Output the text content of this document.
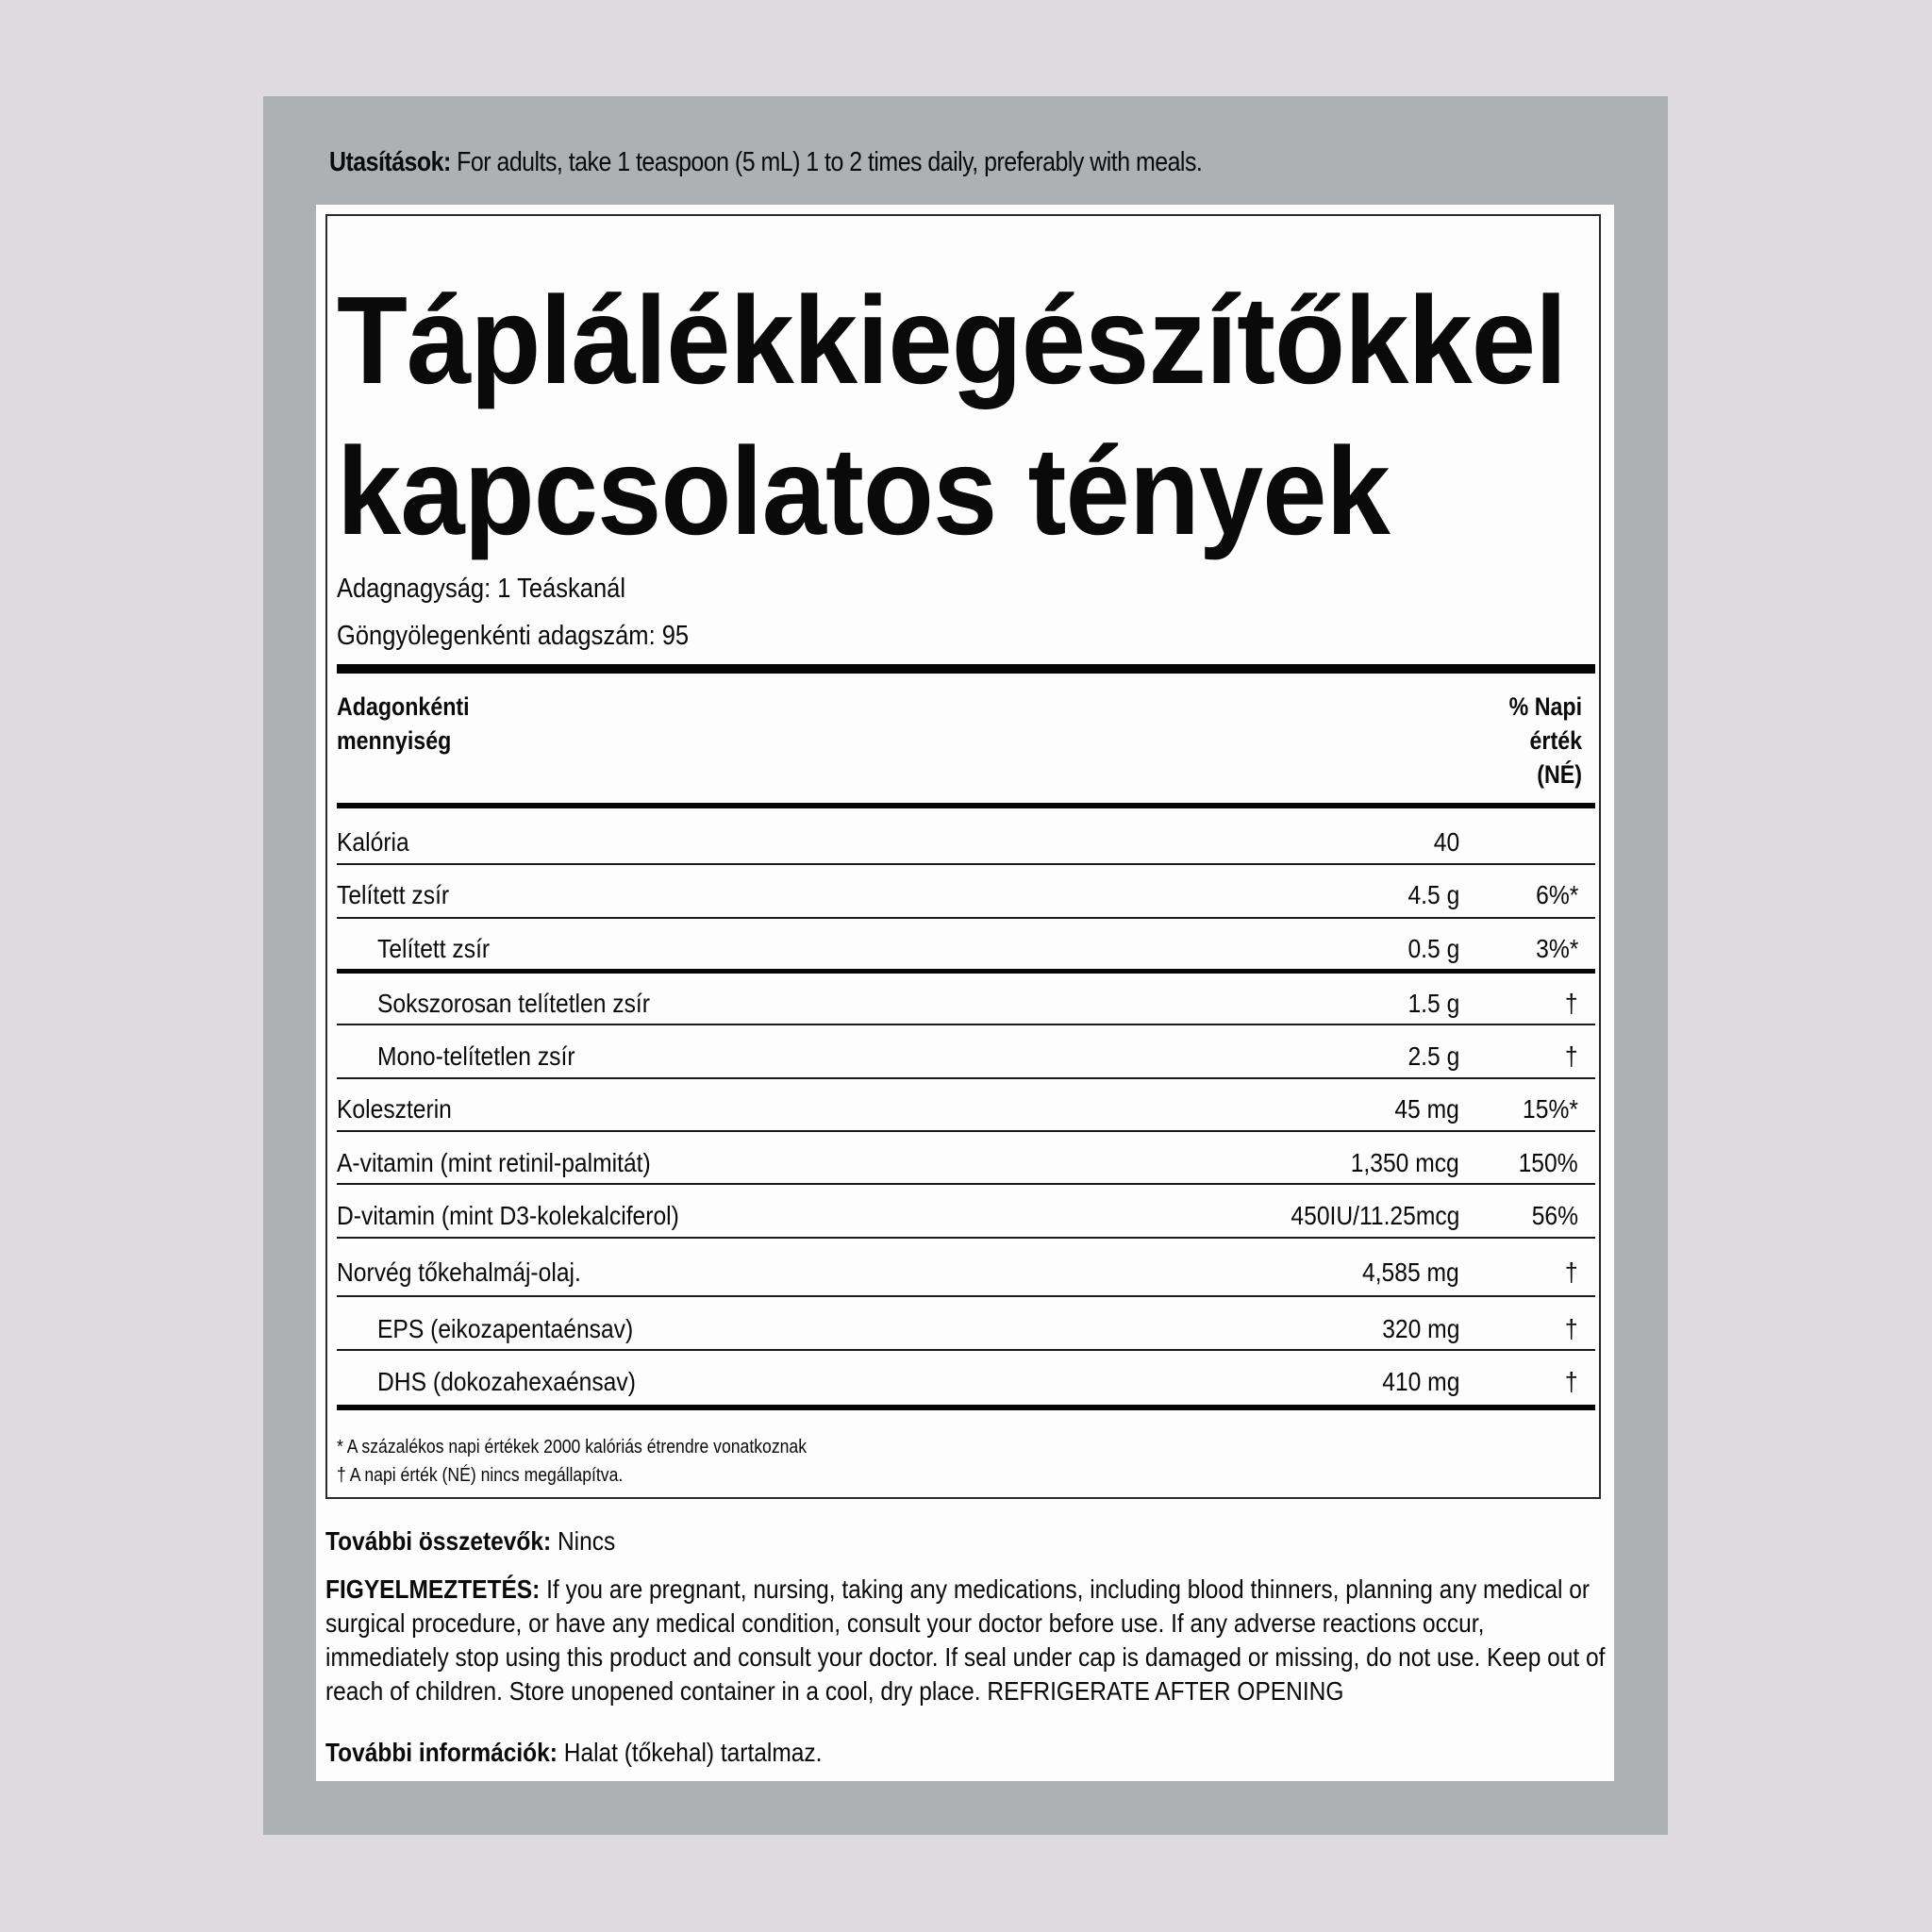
Utasítások: For adults, take 1 teaspoon (5 mL) 1 to 2 times daily, preferably with meals.
Táplálékkiegészítőkkel
kapcsolatos tények
Adagnagyság: 1 Teáskanál
Göngyölegenkénti adagszám: 95
Adagonkénti
mennyiség
% Napi
érték
(NÉ)
Kalória	40
Telített zsír	4.5 g	6%*
Telített zsír	0.5 g	3%*
Sokszorosan telítetlen zsír	1.5 g	†
Mono-telítetlen zsír	2.5 g	†
Koleszterin	45 mg 15%*
A-vitamin (mint retinil-palmitát)	1,350 mcg 150%
D-vitamin (mint D3-kolekalciferol)	450IU/11.25mcg	56%
Norvég tőkehalmáj-olaj.	4,585 mg	†
EPS (eikozapentaénsav)	320 mg	†
DHS (dokozahexaénsav)	410 mg	†
* A százalékos napi értékek 2000 kalóriás étrendre vonatkoznak
† A napi érték (NÉ) nincs megállapítva.
További összetevők: Nincs
FIGYELMEZTETÉS: If you are pregnant, nursing, taking any medications, including blood thinners, planning any medical or surgical procedure, or have any medical condition, consult your doctor before use. If any adverse reactions occur, immediately stop using this product and consult your doctor. If seal under cap is damaged or missing, do not use. Keep out of reach of children. Store unopened container in a cool, dry place. REFRIGERATE AFTER OPENING
További információk: Halat (tőkehal) tartalmaz.
